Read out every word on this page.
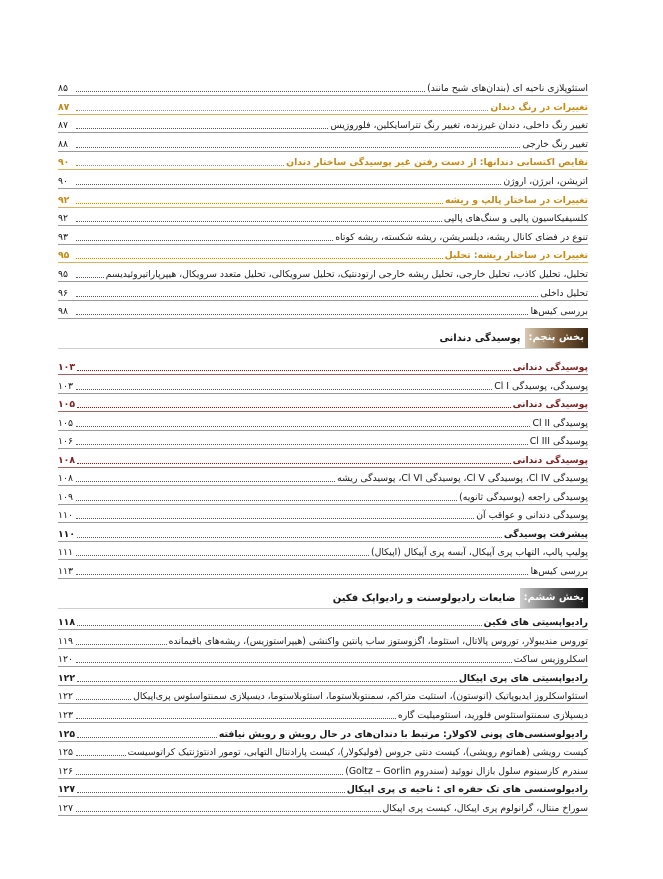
۸۵	استئوپلازی ناحیه ای (بندان‌های شبح مانند)
۸۷	تغییرات در رنگ دندان
۸۷	تغییر رنگ داخلی، دندان غیرزنده، تغییر رنگ تتراسایکلین، فلوروزیس
۸۸	تغییر رنگ خارجی
۹۰	نقایص اکتسابی دندانها: از دست رفتن غیر پوسیدگی ساختار دندان
۹۰	اتریشن، ابرژن، اروژن
۹۲	تغییرات در ساختار پالپ و ریشه
۹۲	کلسیفیکاسیون پالپی و سنگ‌های پالپی
۹۳	تنوع در فضای کانال ریشه، دیلسریشن، ریشه شکسته، ریشه کوتاه
۹۵	تغییرات در ساختار ریشه: تحلیل
۹۵	تحلیل، تحلیل کاذب، تحلیل خارجی، تحلیل ریشه خارجی ارتودنتیک، تحلیل سرویکالی، تحلیل متعدد سرویکال، هیپرپاراتیروئیدیسم
۹۶	تحلیل داخلی
۹۸	بررسی کیس‌ها
بخش پنجم:
پوسیدگی دندانی
۱۰۳	پوسیدگی دندانی
۱۰۳	پوسیدگی، پوسیدگی Cl I
۱۰۵	پوسیدگی دندانی
۱۰۵	پوسیدگی Cl II
۱۰۶	پوسیدگی Cl III
۱۰۸	پوسیدگی دندانی
۱۰۸	پوسیدگی Cl IV، پوسیدگی Cl V، پوسیدگی Cl VI، پوسیدگی ریشه
۱۰۹	پوسیدگی راجعه (پوسیدگی ثانویه)
۱۱۰	پوسیدگی دندانی و عواقب آن
۱۱۰	پیشرفت پوسیدگی
۱۱۱	پولیپ پالپ، التهاب پری آپیکال، آبسه پری آپیکال (اپیکال)
۱۱۳	بررسی کیس‌ها
بخش ششم:
ضایعات رادیولوسنت و رادیواپک فکین
۱۱۸	رادیواپسیتی های فکین
۱۱۹	توروس مندیبولار، توروس پالاتال، استئوما، اگزوستوز ساب پانتین واکنشی (هیپراستوزیس)، ریشه‌های باقیمانده
۱۲۰	اسکلروزیس ساکت
۱۲۲	رادیواپسیتی های پری اپیکال
۱۲۲	استئواسکلروز ایدیوپاتیک (انوستون)، استئیت متراکم، سمنتوبلاستوما، استئوبلاستوما، دیسپلازی سمنتواسئوس پری‌اپیکال
۱۲۳	دیسپلازی سمنتواستئوس فلورید، استئومیلیت گاره
۱۲۵	رادیولوسنسی‌های پونی لاکولار: مرتبط با دندان‌های در حال رویش و رویش نیافته
۱۲۵	کیست رویشی (هماتوم رویشی)، کیست دنتی جروس (فولیکولار)، کیست پارادنتال التهابی، تومور ادنتوژنتیک کراتوسیست
۱۲۶	سندرم کارسینوم سلول بازال نووئید (سندروم Goltz – Gorlin)
۱۲۷	رادیولوسنسی های تک حفره ای : ناحیه ی پری اپیکال
۱۲۷	سوراخ منتال، گرانولوم پری اپیکال، کیست پری اپیکال
